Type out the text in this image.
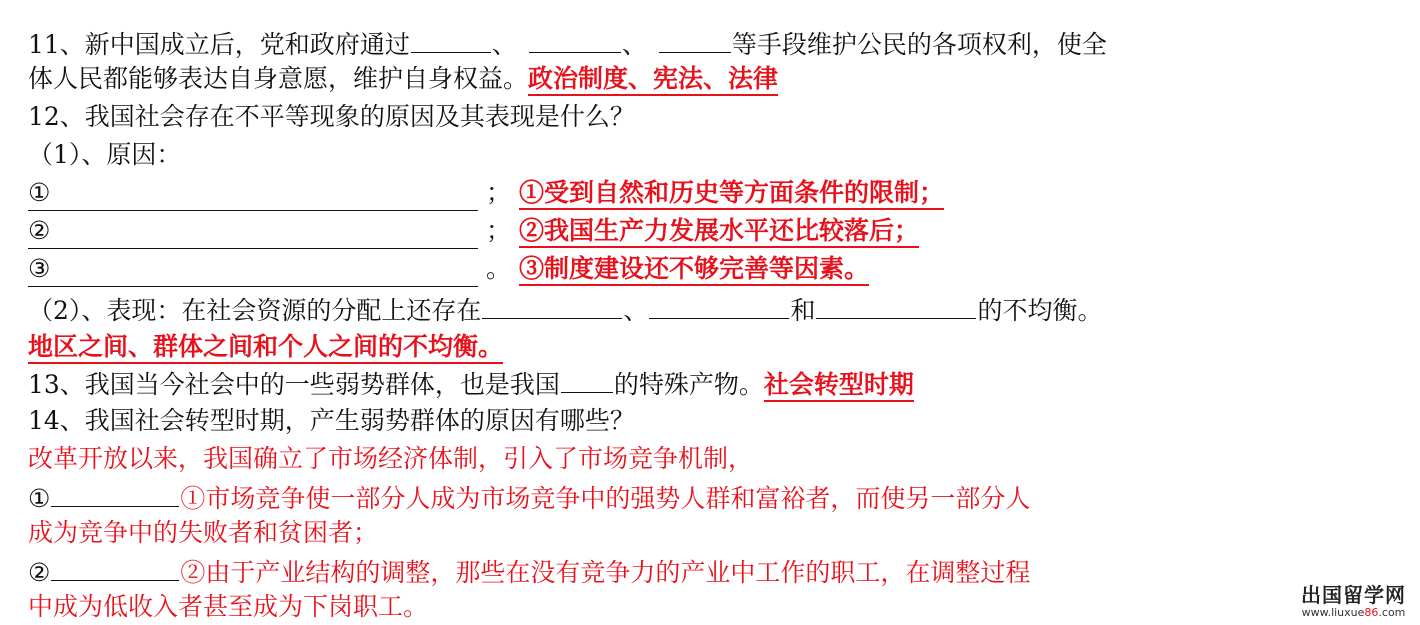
11、新中国成立后，党和政府通过	、	、	等手段维护公民的各项权利，使全
体人民都能够表达自身意愿，维护自身权益。政治制度、宪法、法律
12、我国社会存在不平等现象的原因及其表现是什么？
（1）、原因：
①	； ①受到自然和历史等方面条件的限制；
②	； ②我国生产力发展水平还比较落后；
③	。 ③制度建设还不够完善等因素。
（2）、表现：在社会资源的分配上还存在	、	和	的不均衡。
地区之间、群体之间和个人之间的不均衡。
13、我国当今社会中的一些弱势群体，也是我国 的特殊产物。社会转型时期
14、我国社会转型时期，产生弱势群体的原因有哪些？
改革开放以来，我国确立了市场经济体制，引入了市场竞争机制，
①	①市场竞争使一部分人成为市场竞争中的强势人群和富裕者，而使另一部分人
成为竞争中的失败者和贫困者；
②	②由于产业结构的调整，那些在没有竞争力的产业中工作的职工，在调整过程
中成为低收入者甚至成为下岗职工。	出国留学网
www.liuxue86.com
